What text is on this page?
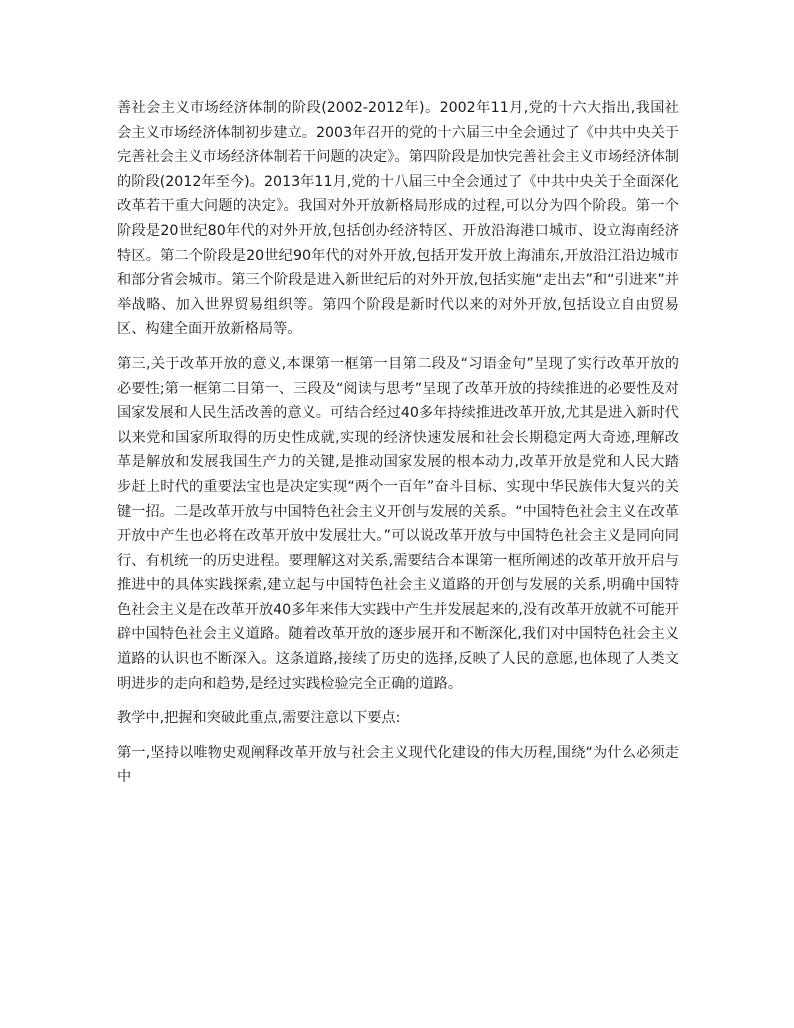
善社会主义市场经济体制的阶段(2002-2012年)。2002年11月,党的十六大指出,我国社会主义市场经济体制初步建立。2003年召开的党的十六届三中全会通过了《中共中央关于完善社会主义市场经济体制若干问题的决定》。第四阶段是加快完善社会主义市场经济体制的阶段(2012年至今)。2013年11月,党的十八届三中全会通过了《中共中央关于全面深化改革若干重大问题的决定》。我国对外开放新格局形成的过程,可以分为四个阶段。第一个阶段是20世纪80年代的对外开放,包括创办经济特区、开放沿海港口城市、设立海南经济特区。第二个阶段是20世纪90年代的对外开放,包括开发开放上海浦东,开放沿江沿边城市和部分省会城市。第三个阶段是进入新世纪后的对外开放,包括实施“走出去”和“引进来”并举战略、加入世界贸易组织等。第四个阶段是新时代以来的对外开放,包括设立自由贸易区、构建全面开放新格局等。

第三,关于改革开放的意义,本课第一框第一目第二段及“习语金句”呈现了实行改革开放的必要性;第一框第二目第一、三段及“阅读与思考”呈现了改革开放的持续推进的必要性及对国家发展和人民生活改善的意义。可结合经过40多年持续推进改革开放,尤其是进入新时代以来党和国家所取得的历史性成就,实现的经济快速发展和社会长期稳定两大奇迹,理解改革是解放和发展我国生产力的关键,是推动国家发展的根本动力,改革开放是党和人民大踏步赶上时代的重要法宝也是决定实现“两个一百年”奋斗目标、实现中华民族伟大复兴的关键一招。二是改革开放与中国特色社会主义开创与发展的关系。“中国特色社会主义在改革开放中产生也必将在改革开放中发展壮大。”可以说改革开放与中国特色社会主义是同向同行、有机统一的历史进程。要理解这对关系,需要结合本课第一框所阐述的改革开放开启与推进中的具体实践探索,建立起与中国特色社会主义道路的开创与发展的关系,明确中国特色社会主义是在改革开放40多年来伟大实践中产生并发展起来的,没有改革开放就不可能开辟中国特色社会主义道路。随着改革开放的逐步展开和不断深化,我们对中国特色社会主义道路的认识也不断深入。这条道路,接续了历史的选择,反映了人民的意愿,也体现了人类文明进步的走向和趋势,是经过实践检验完全正确的道路。

教学中,把握和突破此重点,需要注意以下要点:

第一,坚持以唯物史观阐释改革开放与社会主义现代化建设的伟大历程,围绕“为什么必须走中
